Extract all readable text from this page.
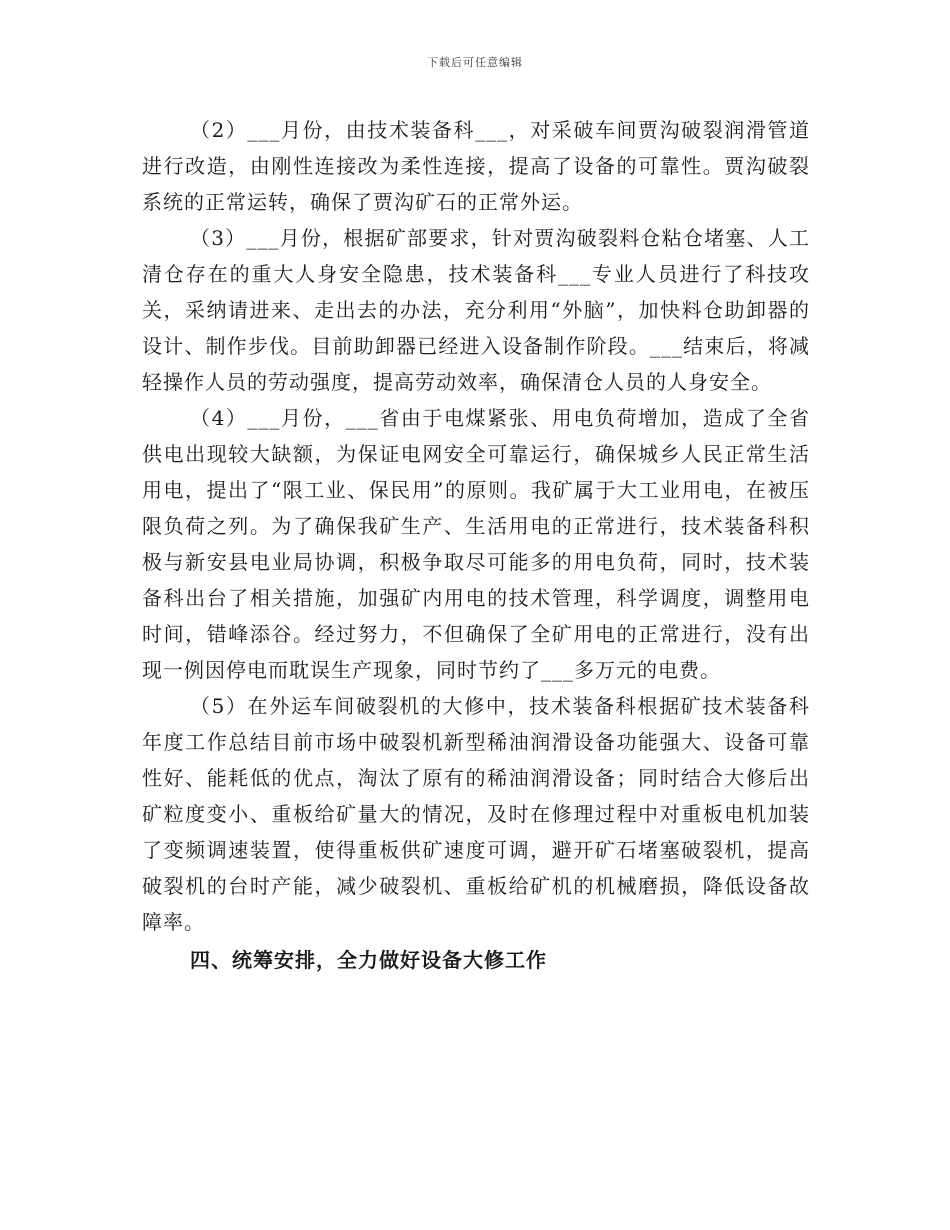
下载后可任意编辑

（2）___月份，由技术装备科___，对采破车间贾沟破裂润滑管道进行改造，由刚性连接改为柔性连接，提高了设备的可靠性。贾沟破裂系统的正常运转，确保了贾沟矿石的正常外运。

（3）___月份，根据矿部要求，针对贾沟破裂料仓粘仓堵塞、人工清仓存在的重大人身安全隐患，技术装备科___专业人员进行了科技攻关，采纳请进来、走出去的办法，充分利用“外脑”，加快料仓助卸器的设计、制作步伐。目前助卸器已经进入设备制作阶段。___结束后，将减轻操作人员的劳动强度，提高劳动效率，确保清仓人员的人身安全。

（4）___月份，___省由于电煤紧张、用电负荷增加，造成了全省供电出现较大缺额，为保证电网安全可靠运行，确保城乡人民正常生活用电，提出了“限工业、保民用”的原则。我矿属于大工业用电，在被压限负荷之列。为了确保我矿生产、生活用电的正常进行，技术装备科积极与新安县电业局协调，积极争取尽可能多的用电负荷，同时，技术装备科出台了相关措施，加强矿内用电的技术管理，科学调度，调整用电时间，错峰添谷。经过努力，不但确保了全矿用电的正常进行，没有出现一例因停电而耽误生产现象，同时节约了___多万元的电费。

（5）在外运车间破裂机的大修中，技术装备科根据矿技术装备科年度工作总结目前市场中破裂机新型稀油润滑设备功能强大、设备可靠性好、能耗低的优点，淘汰了原有的稀油润滑设备；同时结合大修后出矿粒度变小、重板给矿量大的情况，及时在修理过程中对重板电机加装了变频调速装置，使得重板供矿速度可调，避开矿石堵塞破裂机，提高破裂机的台时产能，减少破裂机、重板给矿机的机械磨损，降低设备故障率。

四、统筹安排，全力做好设备大修工作
